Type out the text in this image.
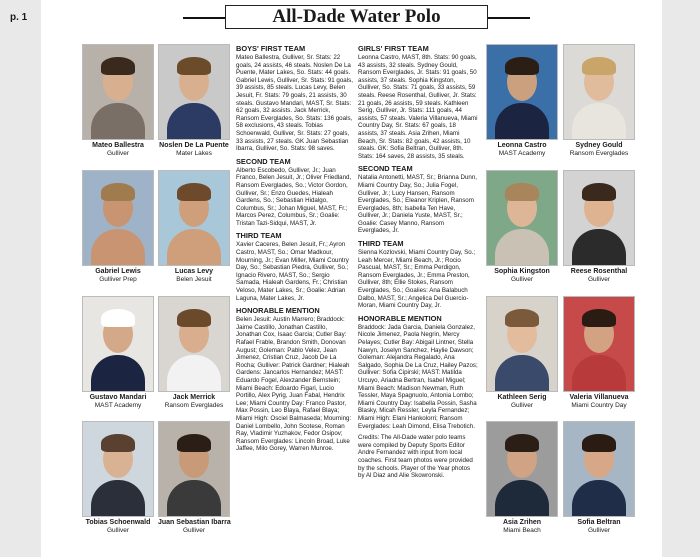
p. 1	All-Dade Water Polo
Mateo Ballestra
Gulliver
Noslen De La Puente
Mater Lakes
Gabriel Lewis
Gulliver Prep
Lucas Levy
Belen Jesuit
Gustavo Mandari
MAST Academy
Jack Merrick
Ransom Everglades
Tobias Schoenwald
Gulliver
Juan Sebastian Ibarra
Gulliver
Leonna Castro
MAST Academy
Sydney Gould
Ransom Everglades
Sophia Kingston
Gulliver
Reese Rosenthal
Gulliver
Kathleen Serig
Gulliver
Valeria Villanueva
Miami Country Day
Asia Zrihen
Miami Beach
Sofia Beltran
Gulliver
BOYS' FIRST TEAM

Mateo Ballestra, Gulliver, Sr. Stats: 22 goals, 24 assists, 46 steals. Noslen De La Puente, Mater Lakes, So. Stats: 44 goals. Gabriel Lewis, Gulliver, Sr. Stats: 91 goals, 39 assists, 85 steals. Lucas Levy, Belen Jesuit, Fr. Stats: 79 goals, 21 assists, 30 steals. Gustavo Mandari, MAST, Sr. Stats: 62 goals, 32 assists. Jack Merrick, Ransom Everglades, So. Stats: 136 goals, 58 exclusions, 43 steals. Tobias Schoenwald, Gulliver, Sr. Stats: 27 goals, 33 assists, 27 steals. GK Juan Sebastian Ibarra, Gulliver, So. Stats: 98 saves.

SECOND TEAM

Alberto Escobedo, Gulliver, Jr.; Juan Franco, Belen Jesuit, Jr.; Oliver Friedland, Ransom Everglades, So.; Victor Gordon, Gulliver, Sr.; Enzo Guedes, Hialeah Gardens, So.; Sebastian Hidalgo, Columbus, Sr.; Johan Miguel, MAST, Fr.; Marcos Perez, Columbus, Sr.; Goalie: Tristan Tazi-Sidqui, MAST, Jr.

THIRD TEAM

Xavier Caceres, Belen Jesuit, Fr.; Ayron Castro, MAST, So.; Omar Madkour, Mourning, Jr.; Evan Miller, Miami Country Day, So.; Sebastian Piedra, Gulliver, So.; Ignacio Rivero, MAST, So.; Sergio Samada, Hialeah Gardens, Fr.; Christian Veloso, Mater Lakes, Sr.; Goalie: Adrian Laguna, Mater Lakes, Jr.

HONORABLE MENTION

Belen Jesuit: Austin Marrero; Braddock: Jaime Castillo, Jonathan Castillo, Jonathan Cox, Isaac Garcia; Cutler Bay: Rafael Frable, Brandon Smith, Donovan August; Goleman: Pablo Velez, Jean Jimenez, Cristian Cruz, Jacob De La Rocha; Gulliver: Patrick Gardner; Hialeah Gardens: Jancarlos Hernandez; MAST: Eduardo Fogel, Alexzander Bernstein; Miami Beach: Edoardo Figari, Lucio Portillo, Alex Pyrig, Juan Fabal, Hendrix Lee; Miami Country Day: Franco Pastor, Max Possin, Leo Blaya, Rafael Blaya; Miami High: Osciel Balmaseda; Mourning: Daniel Lombello, John Scotese, Roman Ray, Vladimir Yuzhakov, Fedor Osipov; Ransom Everglades: Lincoln Broad, Luke Jaffee, Milo Gorey, Warren Munroe.

GIRLS' FIRST TEAM

Leonna Castro, MAST, 8th. Stats: 90 goals, 43 assists, 32 steals. Sydney Gould, Ransom Everglades, Jr. Stats: 91 goals, 50 assists, 37 steals. Sophia Kingston, Gulliver, So. Stats: 71 goals, 33 assists, 59 steals. Reese Rosenthal, Gulliver, Jr. Stats: 21 goals, 26 assists, 59 steals. Kathleen Serig, Gulliver, Jr. Stats: 111 goals, 44 assists, 57 steals. Valeria Villanueva, Miami Country Day, Sr. Stats: 67 goals, 18 assists, 37 steals. Asia Zrihen, Miami Beach, Sr. Stats: 82 goals, 42 assists, 10 steals. GK: Sofia Beltran, Gulliver, 8th. Stats: 164 saves, 28 assists, 35 steals.

SECOND TEAM

Natalia Antonetti, MAST, Sr.; Brianna Dunn, Miami Country Day, So.; Julia Fogel, Gulliver, Jr.; Lucy Hansen, Ransom Everglades, So.; Eleanor Kriplen, Ransom Everglades, 8th; Isabella Ten Have, Gulliver, Jr.; Daniela Yuste, MAST, Sr.; Goalie: Casey Manno, Ransom Everglades, Jr.

THIRD TEAM

Sienna Kozlovski, Miami Country Day, So.; Leah Mercer, Miami Beach, Jr.; Rocio Pascual, MAST, Sr.; Emma Perdigon, Ransom Everglades, Jr.; Emma Preston, Gulliver, 8th; Ellie Stokes, Ransom Everglades, So.; Goalies: Ana Balabuch Dalbo, MAST, Sr.; Angelica Del Guercio-Moran, Miami Country Day, Jr.

HONORABLE MENTION

Braddock: Jada Garcia, Daniela Gonzalez, Nicole Jimenez, Paola Negrin, Mercy Pelayes; Cutler Bay: Abigail Lintner, Stella Nawyn, Joselyn Sanchez, Haylie Dawson; Goleman: Alejandra Regalado, Ana Salgado, Sophia De La Cruz, Hailey Pazos; Gulliver: Sofia Cipirski; MAST: Matilda Urcuyo, Ariadna Bertran, Isabel Miguel; Miami Beach: Madison Newman, Ruth Tessler, Maya Spagnuolo, Antonia Lombo; Miami Country Day: Isabella Possin, Sasha Blasky, Micah Ressler, Leyla Fernandez; Miami High: Elani Hankolorri; Ransom Everglades: Leah Dimond, Elisa Trebotich.

Credits: The All-Dade water polo teams were compiled by Deputy Sports Editor Andre Fernandez with input from local coaches. First team photos were provided by the schools. Player of the Year photos by Al Diaz and Alie Skowronski.
